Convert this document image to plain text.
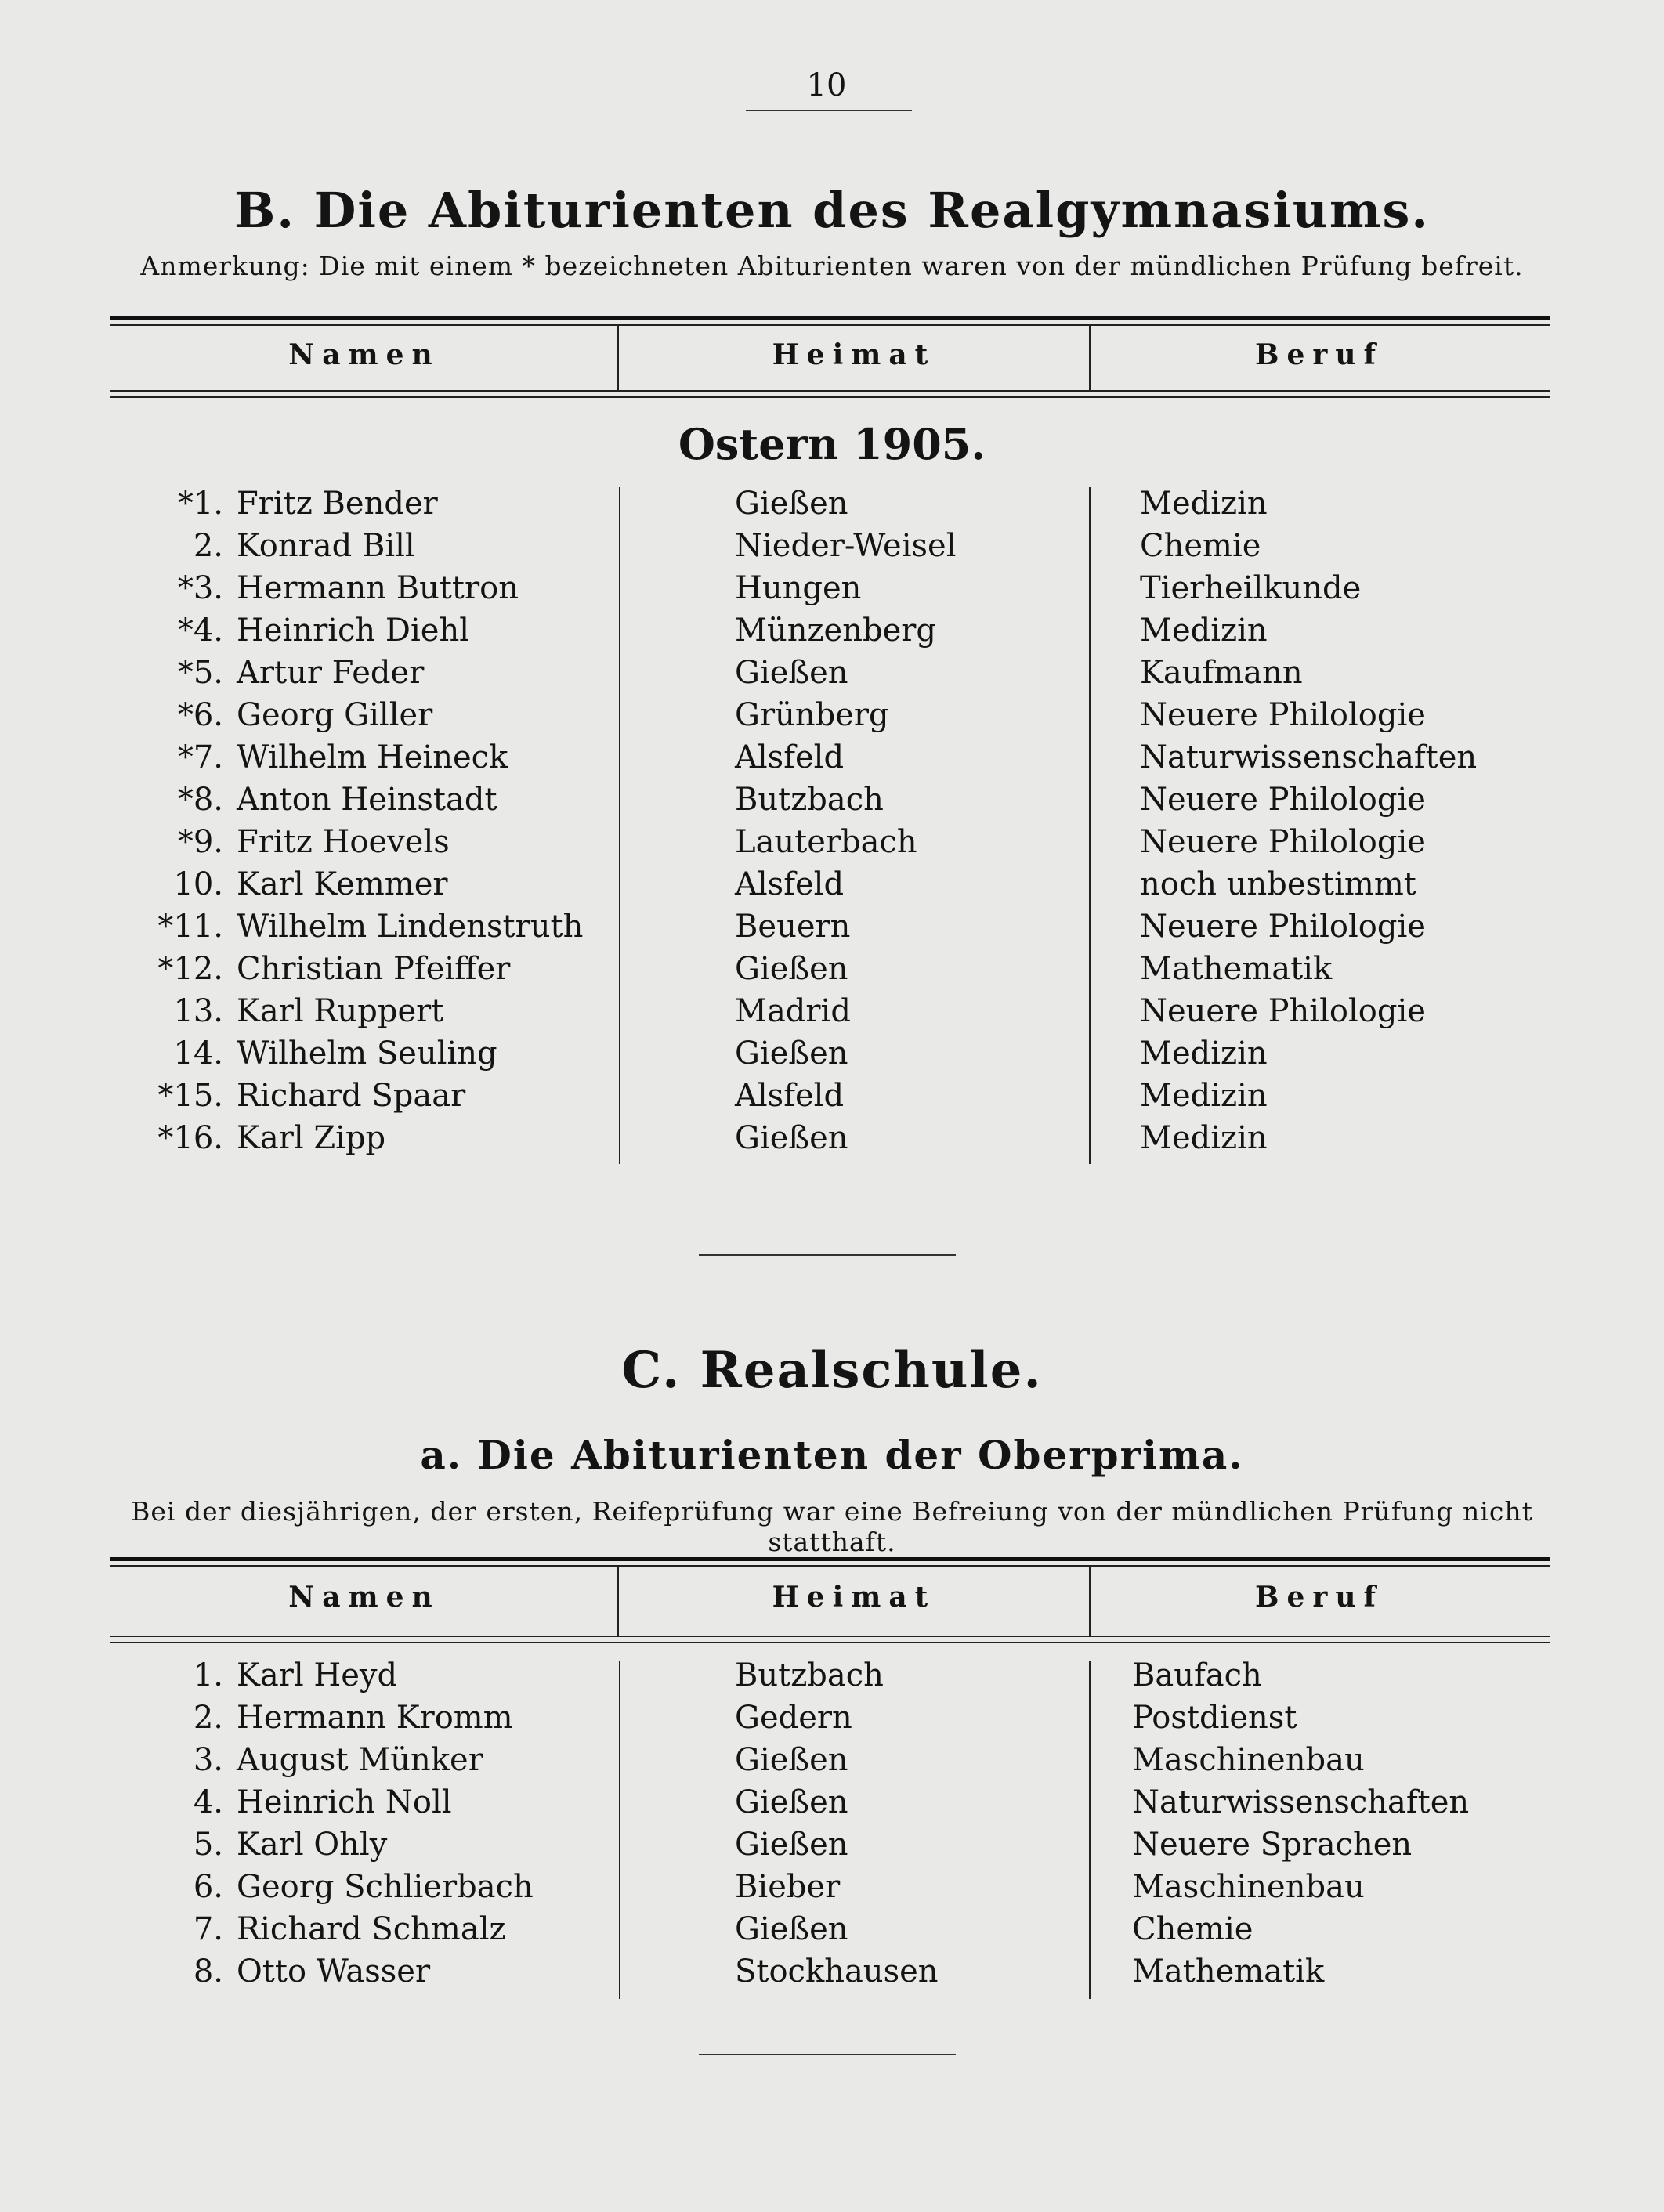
10
B. Die Abiturienten des Realgymnasiums.
Anmerkung: Die mit einem * bezeichneten Abiturienten waren von der mündlichen Prüfung befreit.
Namen	Heimat	Beruf
Ostern 1905.
*1. Fritz Bender	Gießen	Medizin
2. Konrad Bill	Nieder-Weisel	Chemie
*3. Hermann Buttron	Hungen	Tierheilkunde
*4. Heinrich Diehl	Münzenberg	Medizin
*5. Artur Feder	Gießen	Kaufmann
*6. Georg Giller	Grünberg	Neuere Philologie
*7. Wilhelm Heineck	Alsfeld	Naturwissenschaften
*8. Anton Heinstadt	Butzbach	Neuere Philologie
*9. Fritz Hoevels	Lauterbach	Neuere Philologie
10. Karl Kemmer	Alsfeld	noch unbestimmt
*11. Wilhelm Lindenstruth	Beuern	Neuere Philologie
*12. Christian Pfeiffer	Gießen	Mathematik
13. Karl Ruppert	Madrid	Neuere Philologie
14. Wilhelm Seuling	Gießen	Medizin
*15. Richard Spaar	Alsfeld	Medizin
*16. Karl Zipp	Gießen	Medizin
C. Realschule.
a. Die Abiturienten der Oberprima.
Bei der diesjährigen, der ersten, Reifeprüfung war eine Befreiung von der mündlichen Prüfung nicht statthaft.
Namen	Heimat	Beruf
1. Karl Heyd	Butzbach	Baufach
2. Hermann Kromm	Gedern	Postdienst
3. August Münker	Gießen	Maschinenbau
4. Heinrich Noll	Gießen	Naturwissenschaften
5. Karl Ohly	Gießen	Neuere Sprachen
6. Georg Schlierbach	Bieber	Maschinenbau
7. Richard Schmalz	Gießen	Chemie
8. Otto Wasser	Stockhausen	Mathematik
